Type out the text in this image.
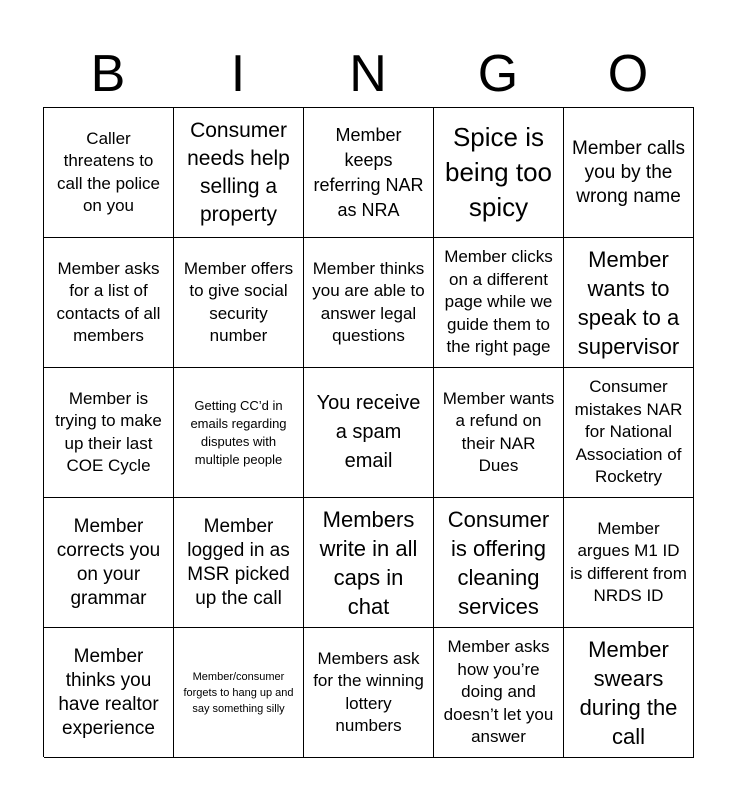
B	I	N	G	O
Caller threatens to call the police on you
Consumer needs help selling a property
Member keeps referring NAR as NRA
Spice is being too spicy
Member calls you by the wrong name
Member asks for a list of contacts of all members
Member offers to give social security number
Member thinks you are able to answer legal questions
Member clicks on a different page while we guide them to the right page
Member wants to speak to a supervisor
Member is trying to make up their last COE Cycle
Getting CC’d in emails regarding disputes with multiple people
You receive a spam email
Member wants a refund on their NAR Dues
Consumer mistakes NAR for National Association of Rocketry
Member corrects you on your grammar
Member logged in as MSR picked up the call
Members write in all caps in chat
Consumer is offering cleaning services
Member argues M1 ID is different from NRDS ID
Member thinks you have realtor experience
Member/consumer forgets to hang up and say something silly
Members ask for the winning lottery numbers
Member asks how you’re doing and doesn’t let you answer
Member swears during the call
